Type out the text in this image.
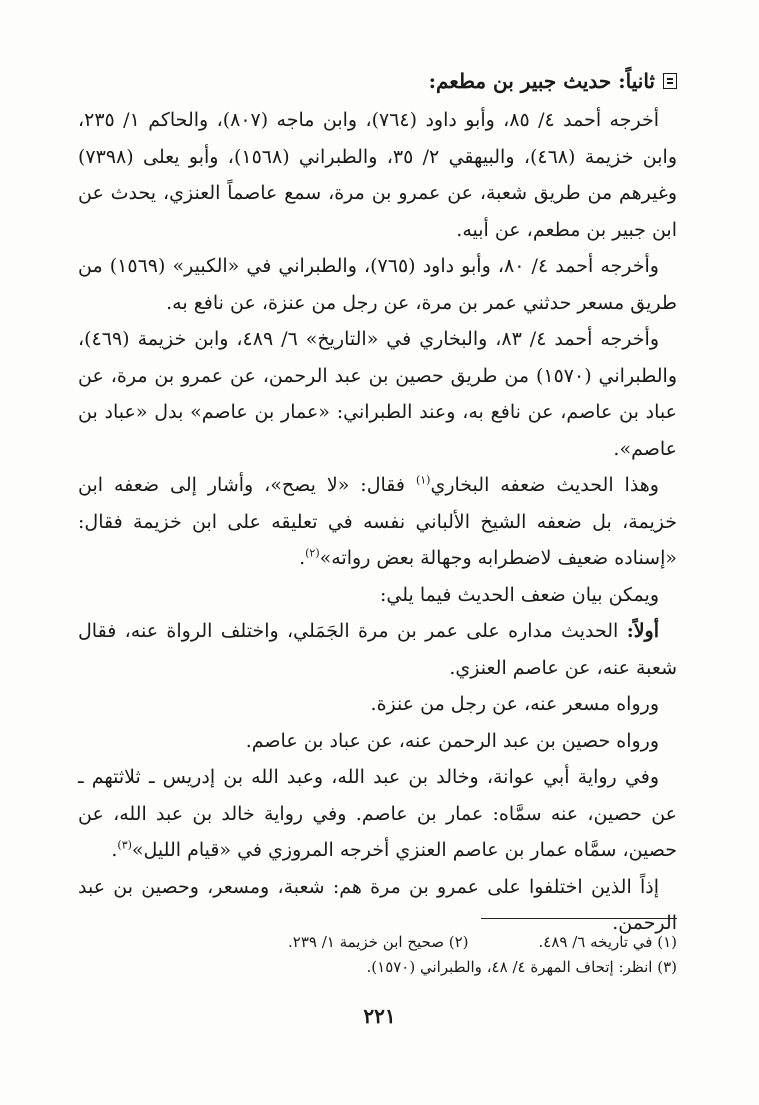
ثانياً: حديث جبير بن مطعم:

أخرجه أحمد ٤/ ٨٥، وأبو داود (٧٦٤)، وابن ماجه (٨٠٧)، والحاكم ١/ ٢٣٥، وابن خزيمة (٤٦٨)، والبيهقي ٢/ ٣٥، والطبراني (١٥٦٨)، وأبو يعلى (٧٣٩٨) وغيرهم من طريق شعبة، عن عمرو بن مرة، سمع عاصماً العنزي، يحدث عن ابن جبير بن مطعم، عن أبيه.

وأخرجه أحمد ٤/ ٨٠، وأبو داود (٧٦٥)، والطبراني في «الكبير» (١٥٦٩) من طريق مسعر حدثني عمر بن مرة، عن رجل من عنزة، عن نافع به.

وأخرجه أحمد ٤/ ٨٣، والبخاري في «التاريخ» ٦/ ٤٨٩، وابن خزيمة (٤٦٩)، والطبراني (١٥٧٠) من طريق حصين بن عبد الرحمن، عن عمرو بن مرة، عن عباد بن عاصم، عن نافع به، وعند الطبراني: «عمار بن عاصم» بدل «عباد بن عاصم».

وهذا الحديث ضعفه البخاري$^{(١)}$ فقال: «لا يصح»، وأشار إلى ضعفه ابن خزيمة، بل ضعفه الشيخ الألباني نفسه في تعليقه على ابن خزيمة فقال: «إسناده ضعيف لاضطرابه وجهالة بعض رواته»$^{(٢)}$.

ويمكن بيان ضعف الحديث فيما يلي:

أولاً: الحديث مداره على عمر بن مرة الجَمَلي، واختلف الرواة عنه، فقال شعبة عنه، عن عاصم العنزي.

ورواه مسعر عنه، عن رجل من عنزة.

ورواه حصين بن عبد الرحمن عنه، عن عباد بن عاصم.

وفي رواية أبي عوانة، وخالد بن عبد الله، وعبد الله بن إدريس ـ ثلاثتهم ـ عن حصين، عنه سمَّاه: عمار بن عاصم. وفي رواية خالد بن عبد الله، عن حصين، سمَّاه عمار بن عاصم العنزي أخرجه المروزي في «قيام الليل»$^{(٣)}$.

إذاً الذين اختلفوا على عمرو بن مرة هم: شعبة، ومسعر، وحصين بن عبد الرحمن.

(١) في تاريخه ٦/ ٤٨٩.
(٢) صحيح ابن خزيمة ١/ ٢٣٩.
(٣) انظر: إتحاف المهرة ٤/ ٤٨، والطبراني (١٥٧٠).
٢٢١
